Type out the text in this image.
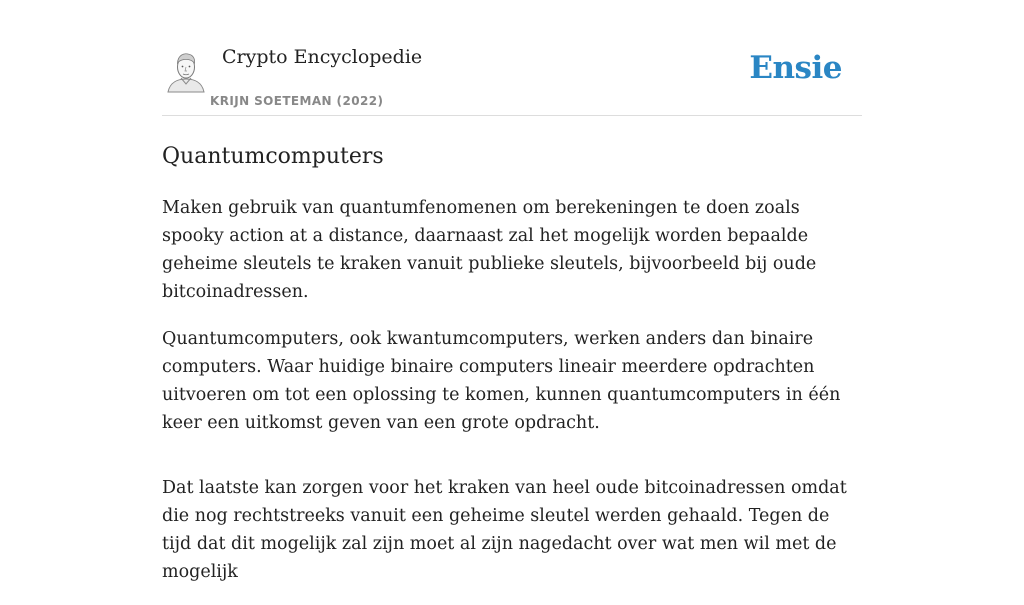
Crypto Encyclopedie
KRIJN SOETEMAN (2022)
Ensie
Quantumcomputers

Maken gebruik van quantumfenomenen om berekeningen te doen zoals spooky action at a distance, daarnaast zal het mogelijk worden bepaalde geheime sleutels te kraken vanuit publieke sleutels, bijvoorbeeld bij oude bitcoinadressen.

Quantumcomputers, ook kwantumcomputers, werken anders dan binaire computers. Waar huidige binaire computers lineair meerdere opdrachten uitvoeren om tot een oplossing te komen, kunnen quantumcomputers in één keer een uitkomst geven van een grote opdracht.

Dat laatste kan zorgen voor het kraken van heel oude bitcoinadressen omdat die nog rechtstreeks vanuit een geheime sleutel werden gehaald. Tegen de tijd dat dit mogelijk zal zijn moet al zijn nagedacht over wat men wil met de mogelijk
